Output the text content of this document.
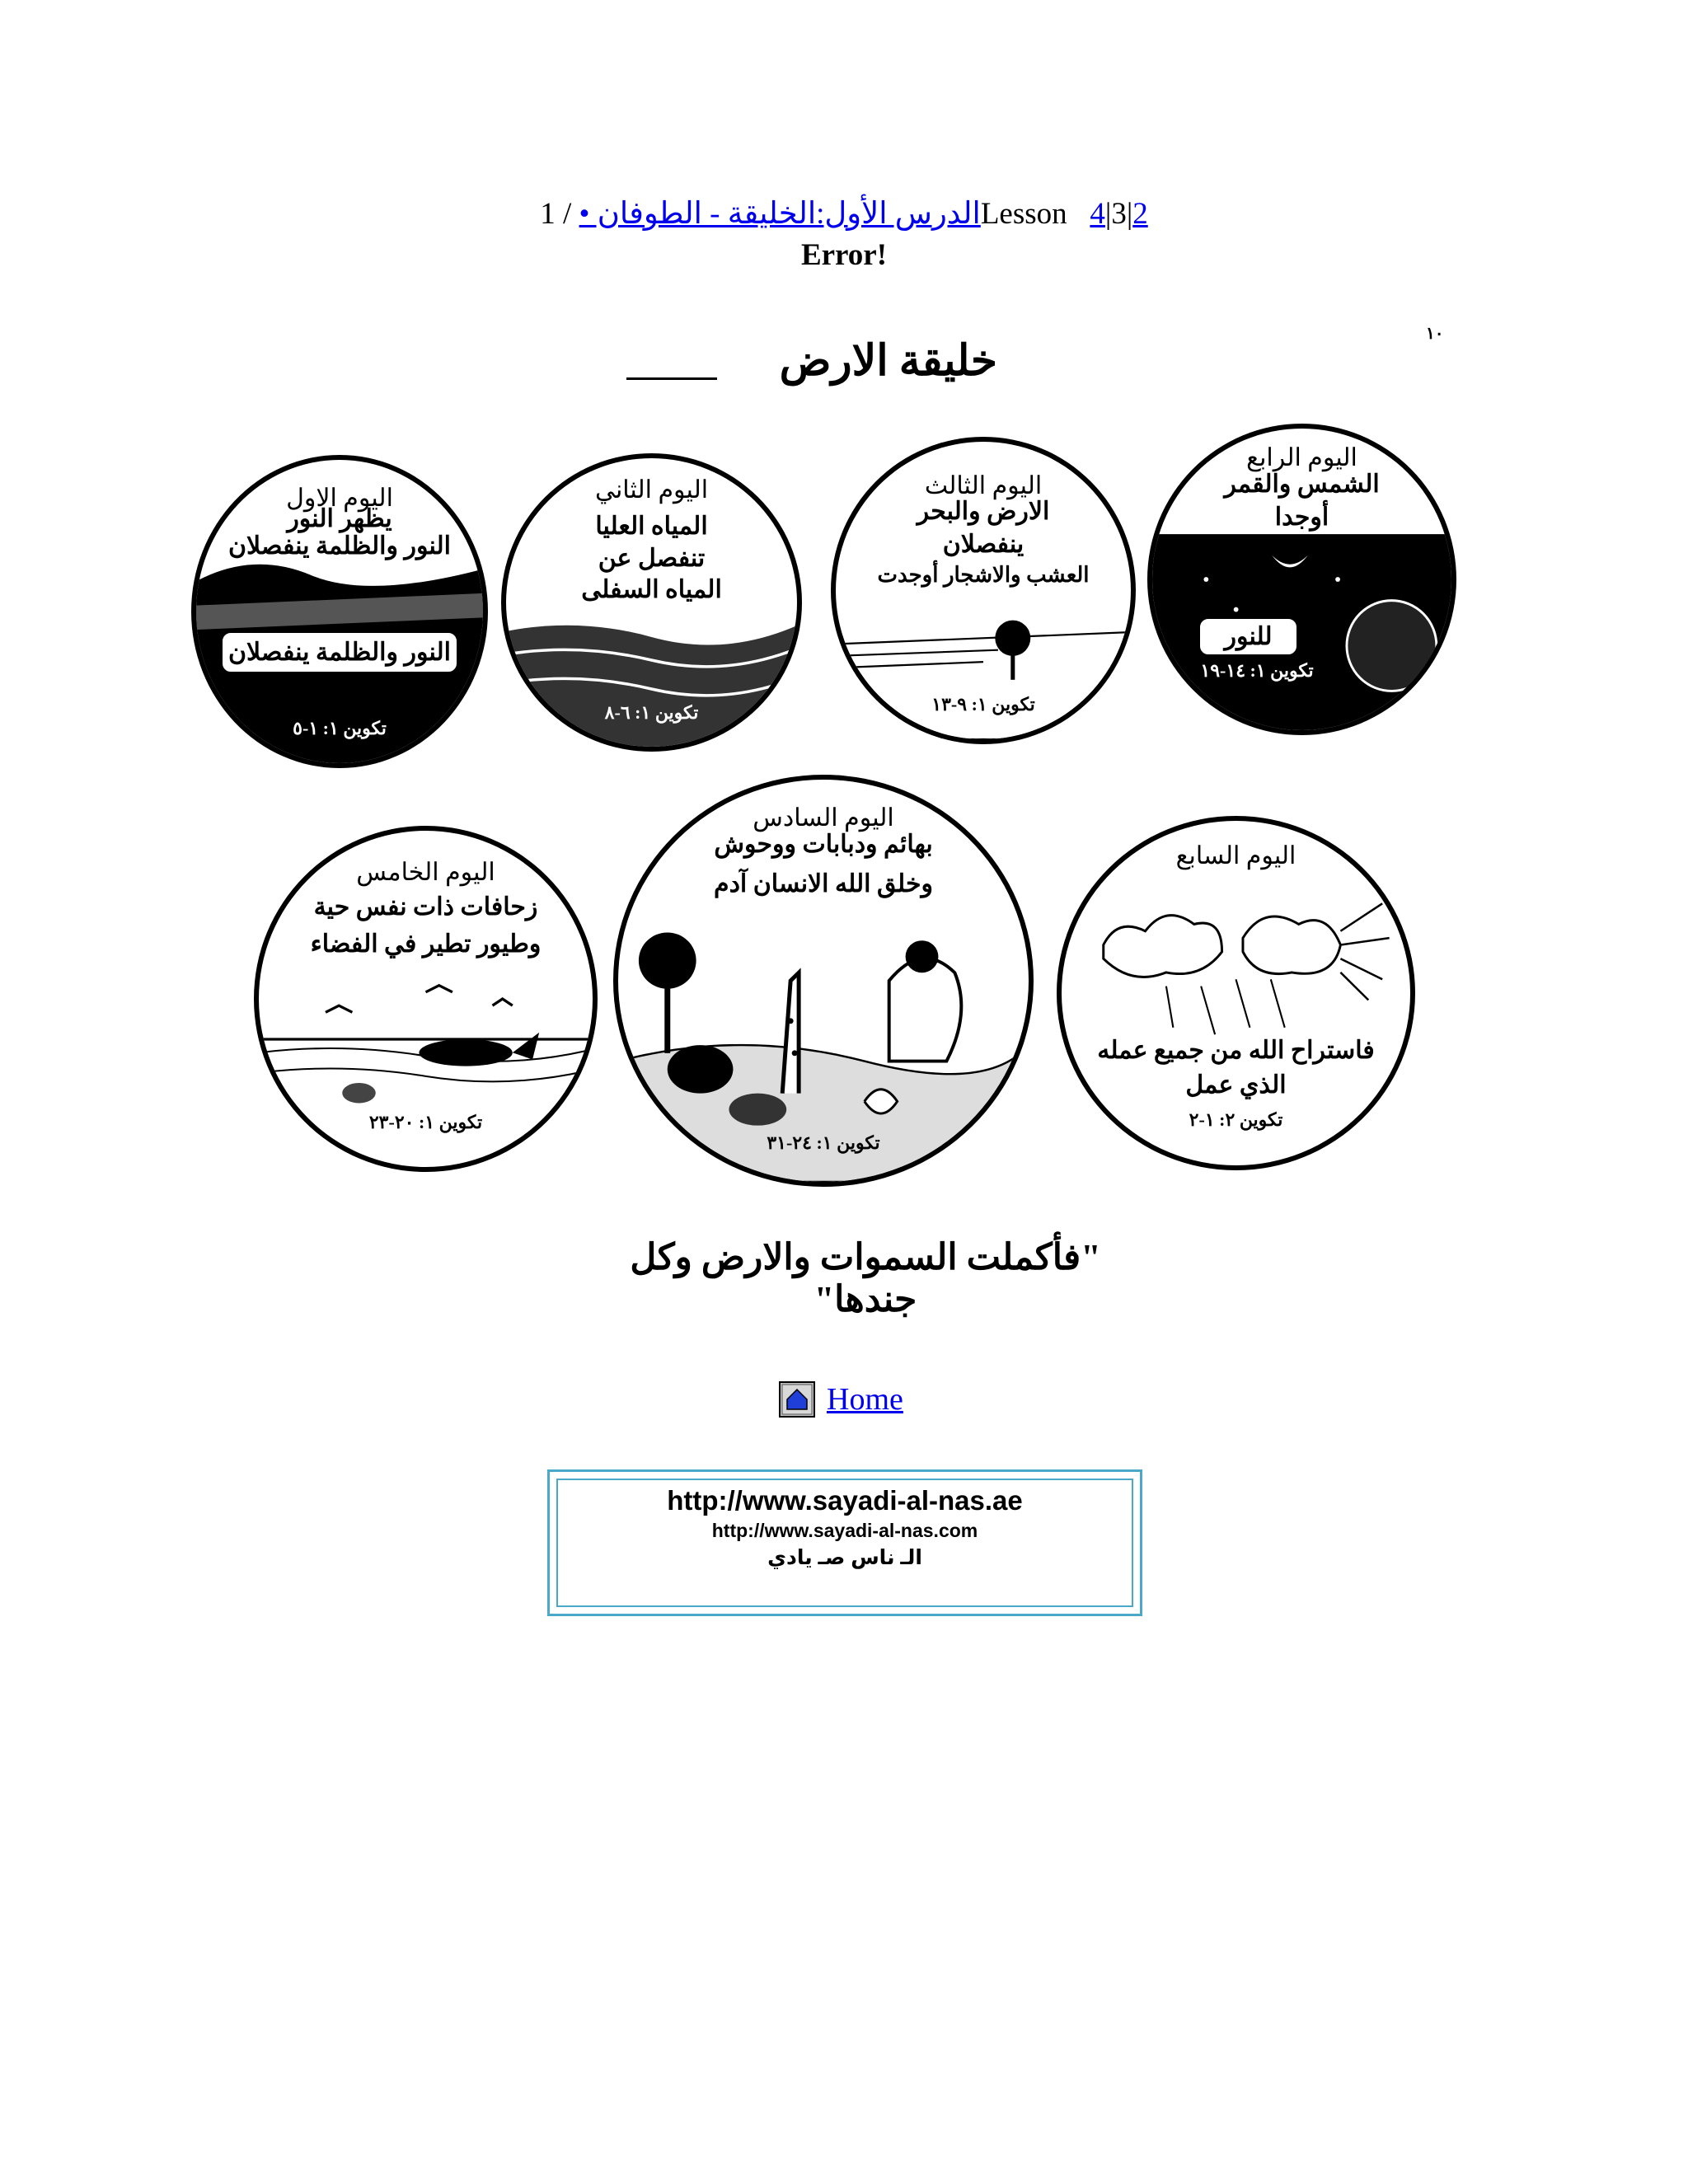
الدرس الأول:الخليقة - الطوفان • / 1Lesson 4|3|2
Error!
١٠
خليقة الارض
اليوم الاول
يظهر النور
النور والظلمة ينفصلان
النور والظلمة ينفصلان
تكوين ١: ١-٥
اليوم الثاني
المياه العليا
تنفصل عن
المياه السفلى
تكوين ١: ٦-٨
اليوم الثالث
الارض والبحر
ينفصلان
العشب والاشجار أوجدت
تكوين ١: ٩-١٣
اليوم الرابع
الشمس والقمر
أوجدا
للنور
تكوين ١: ١٤-١٩
اليوم الخامس
زحافات ذات نفس حية
وطيور تطير في الفضاء
تكوين ١: ٢٠-٢٣
اليوم السادس
بهائم ودبابات ووحوش
وخلق الله الانسان آدم
تكوين ١: ٢٤-٣١
اليوم السابع
فاستراح الله من جميع عمله
الذي عمل
تكوين ٢: ١-٢
"فأكملت السموات والارض وكل جندها"
Home
http://www.sayadi-al-nas.ae
http://www.sayadi-al-nas.com
الـ ناس صـ يادي
